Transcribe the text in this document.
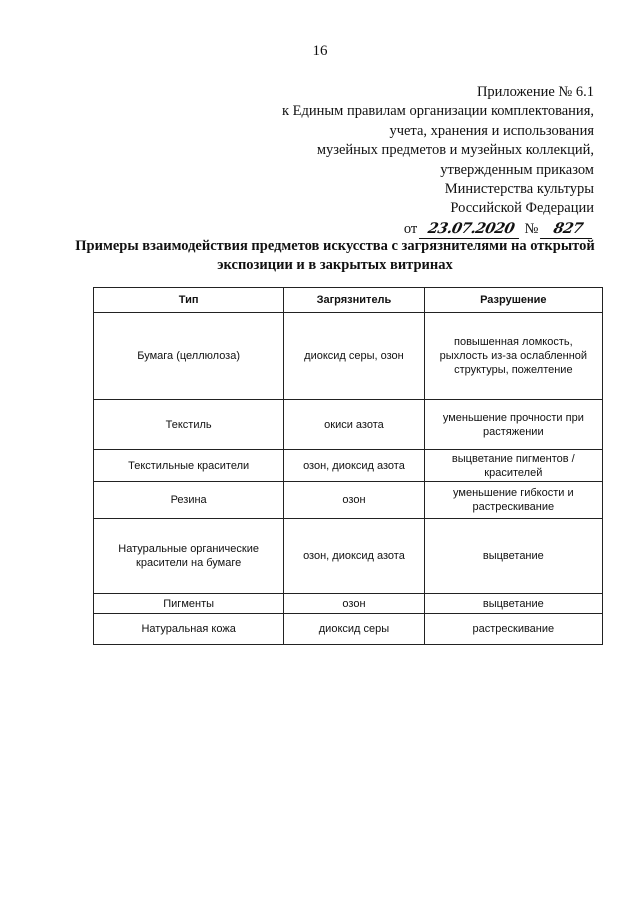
16
Приложение № 6.1
к Единым правилам организации комплектования,
учета, хранения и использования
музейных предметов и музейных коллекций,
утвержденным приказом
Министерства культуры
Российской Федерации
от 23.07.2020 № 827
Примеры взаимодействия предметов искусства с загрязнителями на открытой экспозиции и в закрытых витринах
Тип	Загрязнитель	Разрушение
Бумага (целлюлоза)	диоксид серы, озон	повышенная ломкость, рыхлость из-за ослабленной структуры, пожелтение
Текстиль	окиси азота	уменьшение прочности при растяжении
Текстильные красители	озон, диоксид азота	выцветание пигментов / красителей
Резина	озон	уменьшение гибкости и растрескивание
Натуральные органические красители на бумаге	озон, диоксид азота	выцветание
Пигменты	озон	выцветание
Натуральная кожа	диоксид серы	растрескивание
